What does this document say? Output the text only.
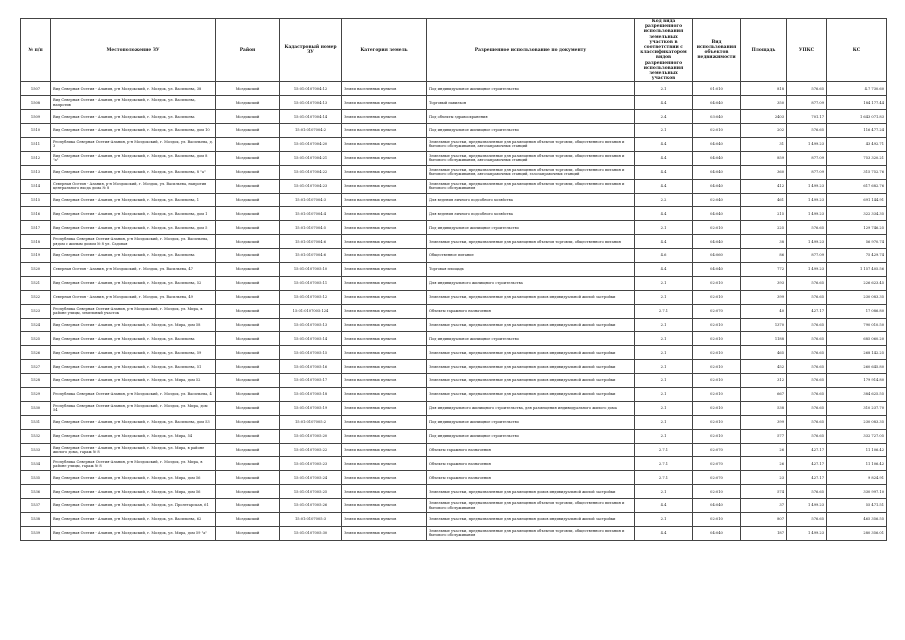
№ п/п	Местоположение ЗУ	Район	Кадастровый номер ЗУ	Категория земель	Разрешенное использование по документу	Код вида разрешенного использования земельных участков в соответствии с классификатором видов разрешенного использования земельных участков	Вид использования объектов недвижимости	Площадь	УПКС	КС
1507	Вид Северная Осетия - Алания, р-н Моздокский, г. Моздок, ул. Васильева, 38	Моздокский	15:01:0107004:12	Земли населенных пунктов	Под индивидуальное жилищное строительство	2.1	01:010	818	576.65	4.7 730.60
1508	Вид Северная Осетия - Алания, р-н Моздокский, г. Моздок, ул. Васильева, напротив	Моздокский	15:01:0107004:13	Земли населенных пунктов	Торговый павильон	4.4	04:040	350	877.09	184 177.44
1509	Вид Северная Осетия - Алания, р-н Моздокский, г. Моздок, ул. Васильева	Моздокский	15:01:0107004:14	Земли населенных пунктов	Под объекты здравоохранения	2.4	03:040	2403	701.17	1 643 071.83
1510	Вид Северная Осетия - Алания, р-н Моздокский, г. Моздок, ул. Васильева, дом 10	Моздокский	15:01:0107004:2	Земли населенных пунктов	Под индивидуальное жилищное строительство	2.1	02:010	202	576.65	116 477.24
1511	Республика Северная Осетия-Алания, р-н Моздокский, г. Моздок, ул. Васильева, д. 3	Моздокский	15:01:0107004:20	Земли населенных пунктов	Земельные участки, предназначенные для размещения объектов торговли, общественного питания и бытового обслуживания, автозаправочных станций	4.4	04:040	31	1 499.23	43 492.71
1512	Вид Северная Осетия - Алания, р-н Моздокский, г. Моздок, ул. Васильева, дом 8 "а"	Моздокский	15:01:0107004:21	Земли населенных пунктов	Земельные участки, предназначенные для размещения объектов торговли, общественного питания и бытового обслуживания, автозаправочных станций	4.4	04:040	859	877.09	753 320.21
1513	Вид Северная Осетия - Алания, р-н Моздокский, г. Моздок, ул. Васильева, 8 "а"	Моздокский	15:01:0107004:22	Земли населенных пунктов	Земельные участки, предназначенные для размещения объектов торговли, общественного питания и бытового обслуживания, автозаправочных станций, газозаправочных станций	4.4	04:040	360	877.09	315 752.76
1514	Северная Осетия - Алания, р-н Моздокский, г. Моздок, ул. Васильева, напротив центрального входа дома № 8	Моздокский	15:01:0107004:23	Земли населенных пунктов	Земельные участки, предназначенные для размещения объектов торговли, общественного питания и бытового обслуживания	4.4	04:040	412	1 499.23	617 682.76
1515	Вид Северная Осетия - Алания, р-н Моздокский, г. Моздок, ул. Васильева, 1	Моздокский	15:01:0107004:3	Земли населенных пунктов	Для ведения личного подсобного хозяйства	2.2	02:040	461	1 499.23	691 144.91
1516	Вид Северная Осетия - Алания, р-н Моздокский, г. Моздок, ул. Васильева, дом 1	Моздокский	15:01:0107004:4	Земли населенных пунктов	Для ведения личного подсобного хозяйства	4.4	04:040	215	1 499.23	322 334.35
1517	Вид Северная Осетия - Алания, р-н Моздокский, г. Моздок, ул. Васильева, дом 5	Моздокский	15:01:0107004:5	Земли населенных пунктов	Под индивидуальное жилищное строительство	2.1	02:010	225	576.65	129 746.25
1518	Республика Северная Осетия-Алания, р-н Моздокский, г. Моздок, ул. Васильева, рядом с жилым домом № 8 ул. Садовая	Моздокский	15:01:0107004:6	Земли населенных пунктов	Земельные участки, предназначенные для размещения объектов торговли, общественного питания	4.4	04:040	38	1 499.23	56 970.74
1519	Вид Северная Осетия - Алания, р-н Моздокский, г. Моздок, ул. Васильева	Моздокский	15:01:0107004:6	Земли населенных пунктов	Общественное питание	4.6	04:060	86	877.09	75 429.74
1520	Северная Осетия - Алания, р-н Моздокский, г. Моздок, ул. Васильева, 47	Моздокский	15:01:0107005:10	Земли населенных пунктов	Торговая площадь	4.4	04:040	772	1 499.23	1 157 405.56
1521	Вид Северная Осетия - Алания, р-н Моздокский, г. Моздок, ул. Васильева, 52	Моздокский	15:01:0107005:11	Земли населенных пунктов	Для индивидуального жилищного строительства	2.1	02:010	393	576.65	226 623.45
1522	Северная Осетия - Алания, р-н Моздокский, г. Моздок, ул. Васильева, 49	Моздокский	15:01:0107005:12	Земли населенных пунктов	Земельные участки, предназначенные для размещения домов индивидуальной жилой застройки	2.1	02:010	399	576.65	230 083.35
1523	Республика Северная Осетия-Алания, р-н Моздокский, г. Моздок, ул. Мира, в районе улицы, земельный участок	Моздокский	15:01:0107005:124	Земли населенных пунктов	Объекты гаражного назначения	2.7.1	02:070	40	427.17	17 086.80
1524	Вид Северная Осетия - Алания, р-н Моздокский, г. Моздок, ул. Мира, дом 58	Моздокский	15:01:0107005:13	Земли населенных пунктов	Земельные участки, предназначенные для размещения домов индивидуальной жилой застройки	2.1	02:010	1370	576.65	790 010.50
1525	Вид Северная Осетия - Алания, р-н Моздокский, г. Моздок, ул. Васильева	Моздокский	15:01:0107005:14	Земли населенных пунктов	Под индивидуальное жилищное строительство	2.1	02:010	1188	576.65	685 060.20
1526	Вид Северная Осетия - Алания, р-н Моздокский, г. Моздок, ул. Васильева, 59	Моздокский	15:01:0107005:15	Земли населенных пунктов	Земельные участки, предназначенные для размещения домов индивидуальной жилой застройки	2.1	02:010	465	576.65	268 142.25
1527	Вид Северная Осетия - Алания, р-н Моздокский, г. Моздок, ул. Васильева, 51	Моздокский	15:01:0107005:16	Земли населенных пунктов	Земельные участки, предназначенные для размещения домов индивидуальной жилой застройки	2.1	02:010	452	576.65	260 645.80
1528	Вид Северная Осетия - Алания, р-н Моздокский, г. Моздок, ул. Мира, дом 52	Моздокский	15:01:0107005:17	Земли населенных пунктов	Земельные участки, предназначенные для размещения домов индивидуальной жилой застройки	2.1	02:010	312	576.65	179 914.80
1529	Республика Северная Осетия-Алания, р-н Моздокский, г. Моздок, ул. Васильева, 4	Моздокский	15:01:0107005:18	Земли населенных пунктов	Земельные участки, предназначенные для размещения домов индивидуальной жилой застройки	2.1	02:010	667	576.65	384 625.55
1530	Республика Северная Осетия-Алания, р-н Моздокский, г. Моздок, ул. Мира, дом 54	Моздокский	15:01:0107005:19	Земли населенных пунктов	Для индивидуального жилищного строительства, для размещения индивидуального жилого дома	2.1	02:010	538	576.65	310 237.70
1531	Вид Северная Осетия - Алания, р-н Моздокский, г. Моздок, ул. Васильева, дом 53	Моздокский	15:01:0107005:2	Земли населенных пунктов	Под индивидуальное жилищное строительство	2.1	02:010	399	576.65	230 083.35
1532	Вид Северная Осетия - Алания, р-н Моздокский, г. Моздок, ул. Мира, 54	Моздокский	15:01:0107005:20	Земли населенных пунктов	Под индивидуальное жилищное строительство	2.1	02:010	577	576.65	332 727.05
1533	Вид Северная Осетия - Алания, р-н Моздокский, г. Моздок, ул. Мира, в районе жилого дома, гараж № 8	Моздокский	15:01:0107005:22	Земли населенных пунктов	Объекты гаражного назначения	2.7.1	02:070	26	427.17	11 106.42
1534	Республика Северная Осетия-Алания, р-н Моздокский, г. Моздок, ул. Мира, в районе улицы, гараж № 8	Моздокский	15:01:0107005:23	Земли населенных пунктов	Объекты гаражного назначения	2.7.1	02:070	26	427.17	11 106.42
1535	Вид Северная Осетия - Алания, р-н Моздокский, г. Моздок, ул. Мира, дом 56	Моздокский	15:01:0107005:24	Земли населенных пунктов	Объекты гаражного назначения	2.7.1	02:070	23	427.17	9 824.91
1536	Вид Северная Осетия - Алания, р-н Моздокский, г. Моздок, ул. Мира, дом 56	Моздокский	15:01:0107005:25	Земли населенных пунктов	Земельные участки, предназначенные для размещения домов индивидуальной жилой застройки	2.1	02:010	574	576.65	330 997.10
1537	Вид Северная Осетия - Алания, р-н Моздокский, г. Моздок, ул. Пролетарская, 61	Моздокский	15:01:0107005:26	Земли населенных пунктов	Земельные участки, предназначенные для размещения объектов торговли, общественного питания и бытового обслуживания	4.4	04:040	37	1 499.23	55 471.51
1538	Вид Северная Осетия - Алания, р-н Моздокский, г. Моздок, ул. Васильева, 62	Моздокский	15:01:0107005:3	Земли населенных пунктов	Земельные участки, предназначенные для размещения домов индивидуальной жилой застройки	2.1	02:010	807	576.65	465 356.55
1539	Вид Северная Осетия - Алания, р-н Моздокский, г. Моздок, ул. Мира, дом 59 "а"	Моздокский	15:01:0107005:30	Земли населенных пунктов	Земельные участки, предназначенные для размещения объектов торговли, общественного питания и бытового обслуживания	4.4	04:040	187	1 499.23	280 356.01
